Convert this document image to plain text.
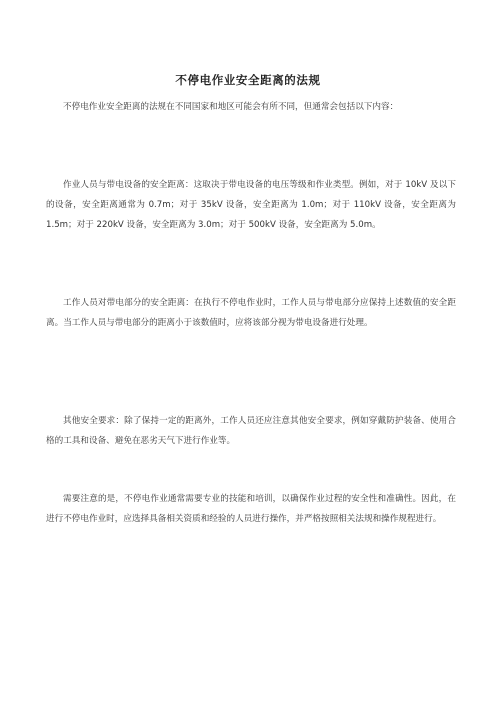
不停电作业安全距离的法规

不停电作业安全距离的法规在不同国家和地区可能会有所不同，但通常会包括以下内容：

作业人员与带电设备的安全距离：这取决于带电设备的电压等级和作业类型。例如，对于 10kV 及以下的设备，安全距离通常为 0.7m；对于 35kV 设备，安全距离为 1.0m；对于 110kV 设备，安全距离为 1.5m；对于 220kV 设备，安全距离为 3.0m；对于 500kV 设备，安全距离为 5.0m。

工作人员对带电部分的安全距离：在执行不停电作业时，工作人员与带电部分应保持上述数值的安全距离。当工作人员与带电部分的距离小于该数值时，应将该部分视为带电设备进行处理。

其他安全要求：除了保持一定的距离外，工作人员还应注意其他安全要求，例如穿戴防护装备、使用合格的工具和设备、避免在恶劣天气下进行作业等。

需要注意的是，不停电作业通常需要专业的技能和培训，以确保作业过程的安全性和准确性。因此，在进行不停电作业时，应选择具备相关资质和经验的人员进行操作，并严格按照相关法规和操作规程进行。
